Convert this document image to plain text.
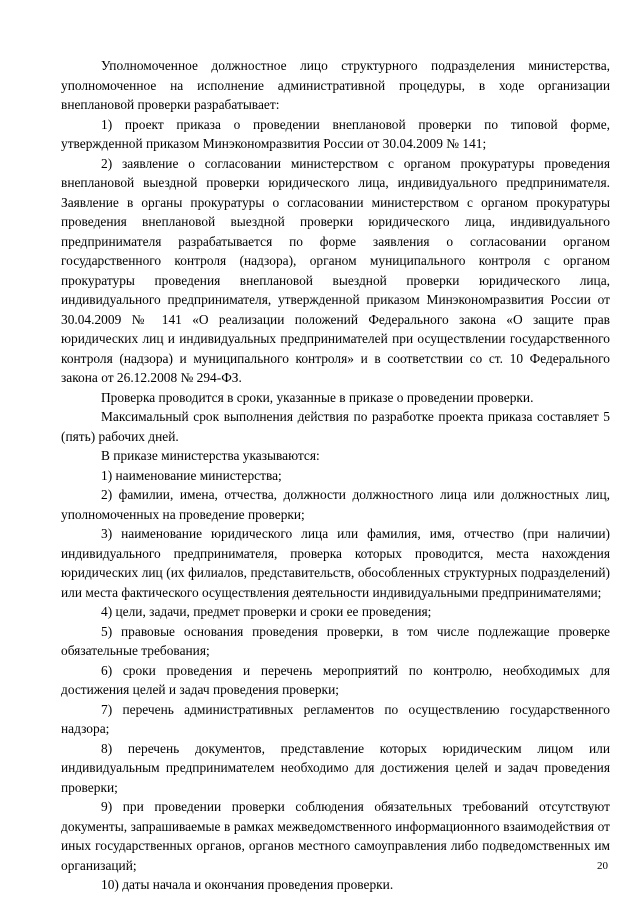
Уполномоченное должностное лицо структурного подразделения министерства, уполномоченное на исполнение административной процедуры, в ходе организации внеплановой проверки разрабатывает:

1) проект приказа о проведении внеплановой проверки по типовой форме, утвержденной приказом Минэкономразвития России от 30.04.2009 № 141;

2) заявление о согласовании министерством с органом прокуратуры проведения внеплановой выездной проверки юридического лица, индивидуального предпринимателя. Заявление в органы прокуратуры о согласовании министерством с органом прокуратуры проведения внеплановой выездной проверки юридического лица, индивидуального предпринимателя разрабатывается по форме заявления о согласовании органом государственного контроля (надзора), органом муниципального контроля с органом прокуратуры проведения внеплановой выездной проверки юридического лица, индивидуального предпринимателя, утвержденной приказом Минэкономразвития России от 30.04.2009 № 141 «О реализации положений Федерального закона «О защите прав юридических лиц и индивидуальных предпринимателей при осуществлении государственного контроля (надзора) и муниципального контроля» и в соответствии со ст. 10 Федерального закона от 26.12.2008 № 294-ФЗ.

Проверка проводится в сроки, указанные в приказе о проведении проверки.

Максимальный срок выполнения действия по разработке проекта приказа составляет 5 (пять) рабочих дней.

В приказе министерства указываются:

1) наименование министерства;

2) фамилии, имена, отчества, должности должностного лица или должностных лиц, уполномоченных на проведение проверки;

3) наименование юридического лица или фамилия, имя, отчество (при наличии) индивидуального предпринимателя, проверка которых проводится, места нахождения юридических лиц (их филиалов, представительств, обособленных структурных подразделений) или места фактического осуществления деятельности индивидуальными предпринимателями;

4) цели, задачи, предмет проверки и сроки ее проведения;

5) правовые основания проведения проверки, в том числе подлежащие проверке обязательные требования;

6) сроки проведения и перечень мероприятий по контролю, необходимых для достижения целей и задач проведения проверки;

7) перечень административных регламентов по осуществлению государственного надзора;

8) перечень документов, представление которых юридическим лицом или индивидуальным предпринимателем необходимо для достижения целей и задач проведения проверки;

9) при проведении проверки соблюдения обязательных требований отсутствуют документы, запрашиваемые в рамках межведомственного информационного взаимодействия от иных государственных органов, органов местного самоуправления либо подведомственных им организаций;

10) даты начала и окончания проведения проверки.

20
